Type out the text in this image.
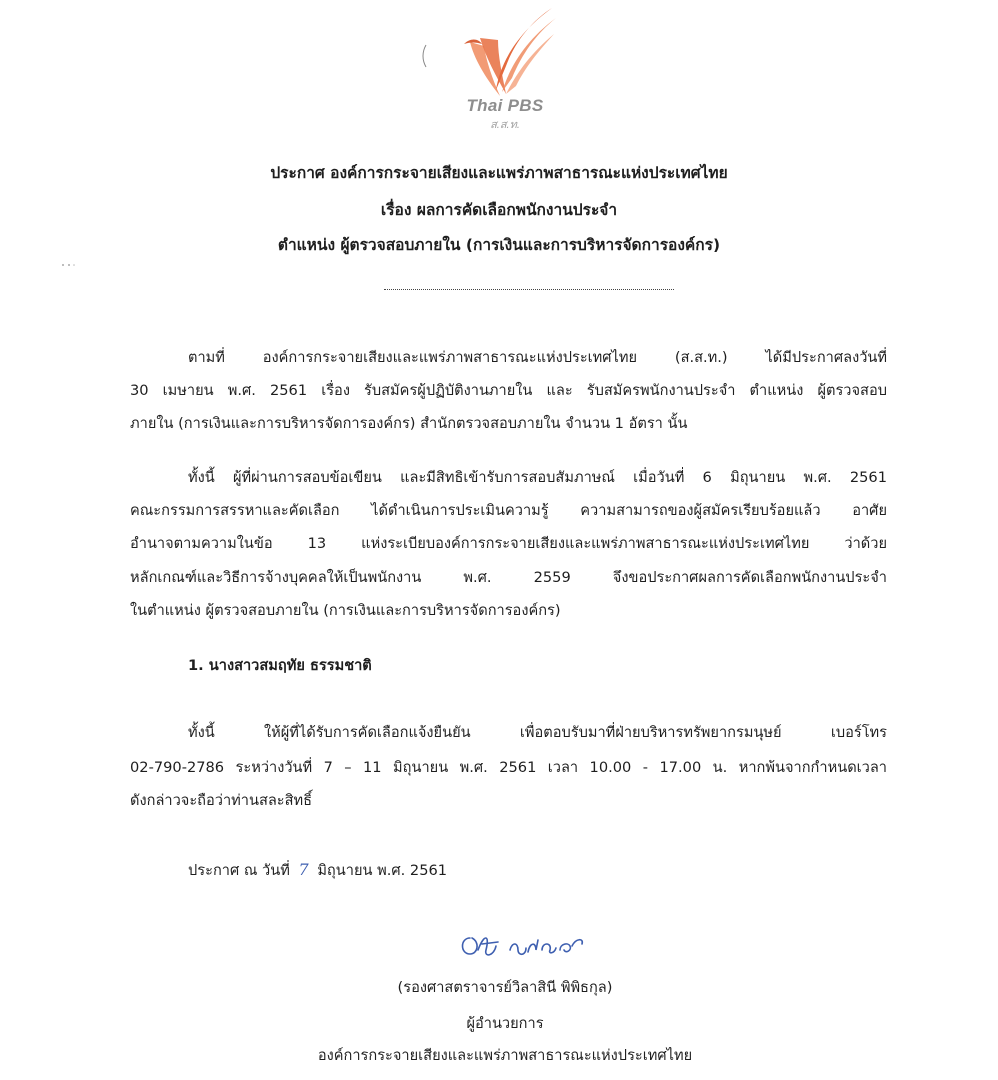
Thai PBS
ส.ส.ท.
ประกาศ องค์การกระจายเสียงและแพร่ภาพสาธารณะแห่งประเทศไทย
เรื่อง ผลการคัดเลือกพนักงานประจำ
ตำแหน่ง ผู้ตรวจสอบภายใน (การเงินและการบริหารจัดการองค์กร)
ตามที่ องค์การกระจายเสียงและแพร่ภาพสาธารณะแห่งประเทศไทย (ส.ส.ท.) ได้มีประกาศลงวันที่
30 เมษายน พ.ศ. 2561 เรื่อง รับสมัครผู้ปฏิบัติงานภายใน และ รับสมัครพนักงานประจำ ตำแหน่ง ผู้ตรวจสอบ
ภายใน (การเงินและการบริหารจัดการองค์กร) สำนักตรวจสอบภายใน จำนวน 1 อัตรา นั้น
ทั้งนี้ ผู้ที่ผ่านการสอบข้อเขียน และมีสิทธิเข้ารับการสอบสัมภาษณ์ เมื่อวันที่ 6 มิถุนายน พ.ศ. 2561
คณะกรรมการสรรหาและคัดเลือก ได้ดำเนินการประเมินความรู้ ความสามารถของผู้สมัครเรียบร้อยแล้ว อาศัย
อำนาจตามความในข้อ 13 แห่งระเบียบองค์การกระจายเสียงและแพร่ภาพสาธารณะแห่งประเทศไทย ว่าด้วย
หลักเกณฑ์และวิธีการจ้างบุคคลให้เป็นพนักงาน พ.ศ. 2559 จึงขอประกาศผลการคัดเลือกพนักงานประจำ
ในตำแหน่ง ผู้ตรวจสอบภายใน (การเงินและการบริหารจัดการองค์กร)
1. นางสาวสมฤทัย ธรรมชาติ
ทั้งนี้ ให้ผู้ที่ได้รับการคัดเลือกแจ้งยืนยัน เพื่อตอบรับมาที่ฝ่ายบริหารทรัพยากรมนุษย์ เบอร์โทร
02-790-2786 ระหว่างวันที่ 7 – 11 มิถุนายน พ.ศ. 2561 เวลา 10.00 - 17.00 น. หากพ้นจากกำหนดเวลา
ดังกล่าวจะถือว่าท่านสละสิทธิ์
ประกาศ ณ วันที่ 7 มิถุนายน พ.ศ. 2561
(รองศาสตราจารย์วิลาสินี พิพิธกุล)
ผู้อำนวยการ
องค์การกระจายเสียงและแพร่ภาพสาธารณะแห่งประเทศไทย
